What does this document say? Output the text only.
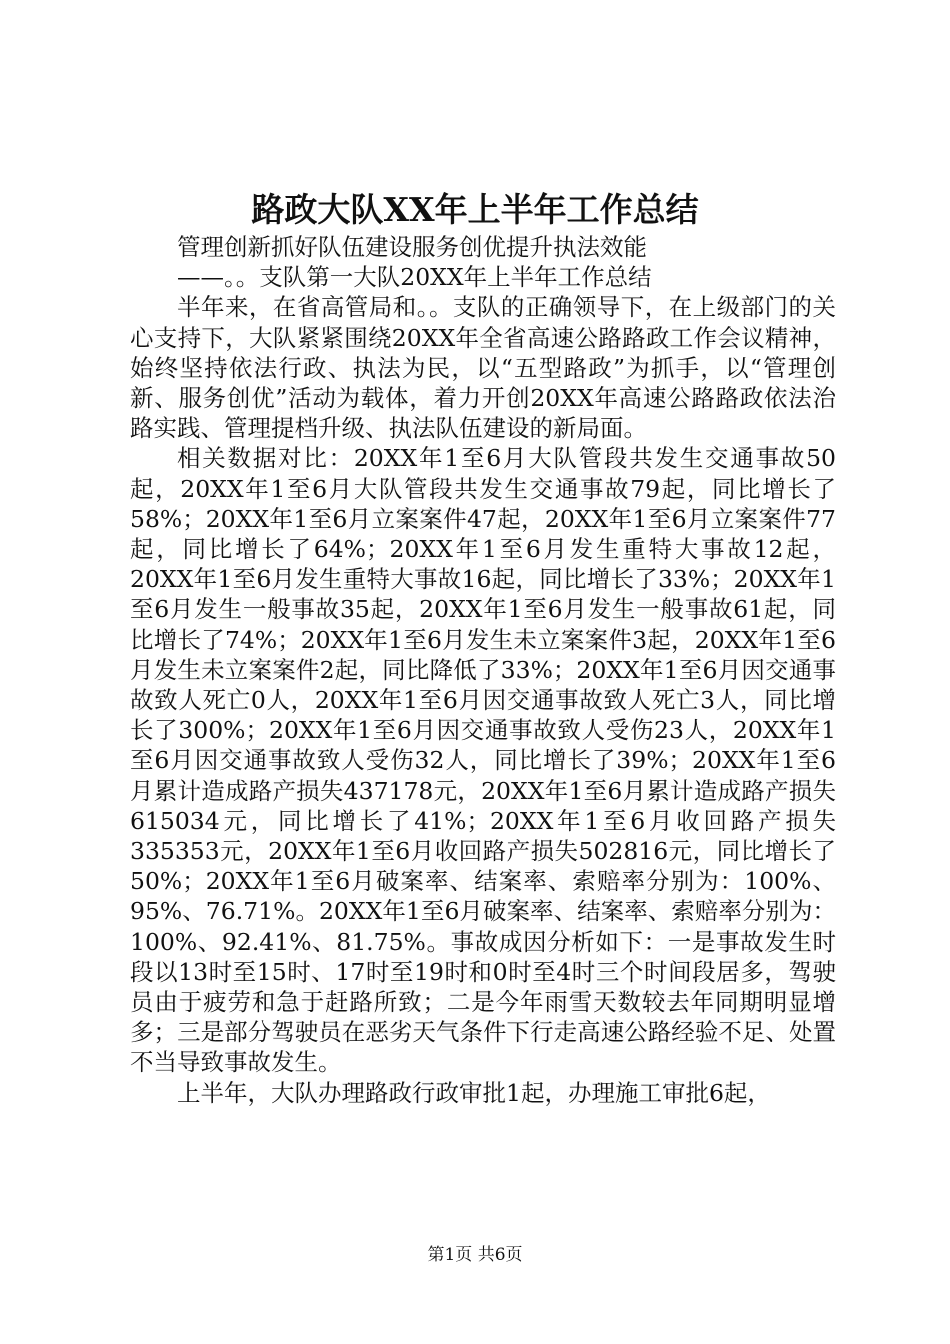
路政大队XX年上半年工作总结

管理创新抓好队伍建设服务创优提升执法效能

——。。支队第一大队20XX年上半年工作总结

半年来，在省高管局和。。支队的正确领导下，在上级部门的关心支持下，大队紧紧围绕20XX年全省高速公路路政工作会议精神，始终坚持依法行政、执法为民，以“五型路政”为抓手，以“管理创新、服务创优”活动为载体，着力开创20XX年高速公路路政依法治路实践、管理提档升级、执法队伍建设的新局面。

相关数据对比：20XX年1至6月大队管段共发生交通事故50起，20XX年1至6月大队管段共发生交通事故79起，同比增长了58%；20XX年1至6月立案案件47起，20XX年1至6月立案案件77起，同比增长了64%；20XX年1至6月发生重特大事故12起，20XX年1至6月发生重特大事故16起，同比增长了33%；20XX年1至6月发生一般事故35起，20XX年1至6月发生一般事故61起，同比增长了74%；20XX年1至6月发生未立案案件3起，20XX年1至6月发生未立案案件2起，同比降低了33%；20XX年1至6月因交通事故致人死亡0人，20XX年1至6月因交通事故致人死亡3人，同比增长了300%；20XX年1至6月因交通事故致人受伤23人，20XX年1至6月因交通事故致人受伤32人，同比增长了39%；20XX年1至6月累计造成路产损失437178元，20XX年1至6月累计造成路产损失615034元，同比增长了41%；20XX年1至6月收回路产损失335353元，20XX年1至6月收回路产损失502816元，同比增长了50%；20XX年1至6月破案率、结案率、索赔率分别为：100%、95%、76.71%。20XX年1至6月破案率、结案率、索赔率分别为：100%、92.41%、81.75%。事故成因分析如下：一是事故发生时段以13时至15时、17时至19时和0时至4时三个时间段居多，驾驶员由于疲劳和急于赶路所致；二是今年雨雪天数较去年同期明显增多；三是部分驾驶员在恶劣天气条件下行走高速公路经验不足、处置不当导致事故发生。

上半年，大队办理路政行政审批1起，办理施工审批6起，

第1页 共6页
